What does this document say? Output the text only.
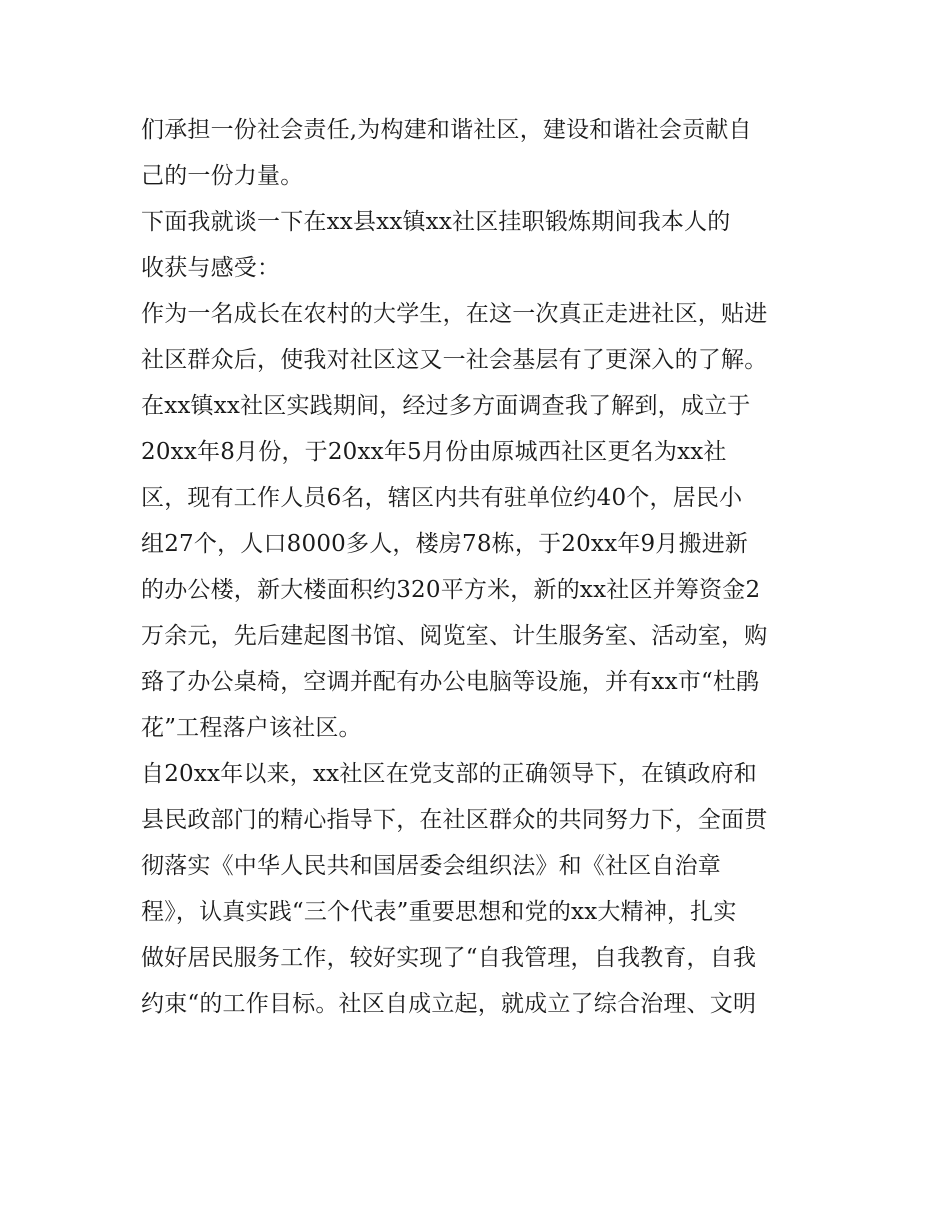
们承担一份社会责任,为构建和谐社区，建设和谐社会贡献自
己的一份力量。
下面我就谈一下在xx县xx镇xx社区挂职锻炼期间我本人的
收获与感受：
作为一名成长在农村的大学生，在这一次真正走进社区，贴进
社区群众后，使我对社区这又一社会基层有了更深入的了解。
在xx镇xx社区实践期间，经过多方面调查我了解到，成立于
20xx年8月份，于20xx年5月份由原城西社区更名为xx社
区，现有工作人员6名，辖区内共有驻单位约40个，居民小
组27个，人口8000多人，楼房78栋，于20xx年9月搬进新
的办公楼，新大楼面积约320平方米，新的xx社区并筹资金2
万余元，先后建起图书馆、阅览室、计生服务室、活动室，购
臵了办公桌椅，空调并配有办公电脑等设施，并有xx市“杜鹃
花”工程落户该社区。
自20xx年以来，xx社区在党支部的正确领导下，在镇政府和
县民政部门的精心指导下，在社区群众的共同努力下，全面贯
彻落实《中华人民共和国居委会组织法》和《社区自治章
程》，认真实践“三个代表”重要思想和党的xx大精神，扎实
做好居民服务工作，较好实现了“自我管理，自我教育，自我
约束“的工作目标。社区自成立起，就成立了综合治理、文明
